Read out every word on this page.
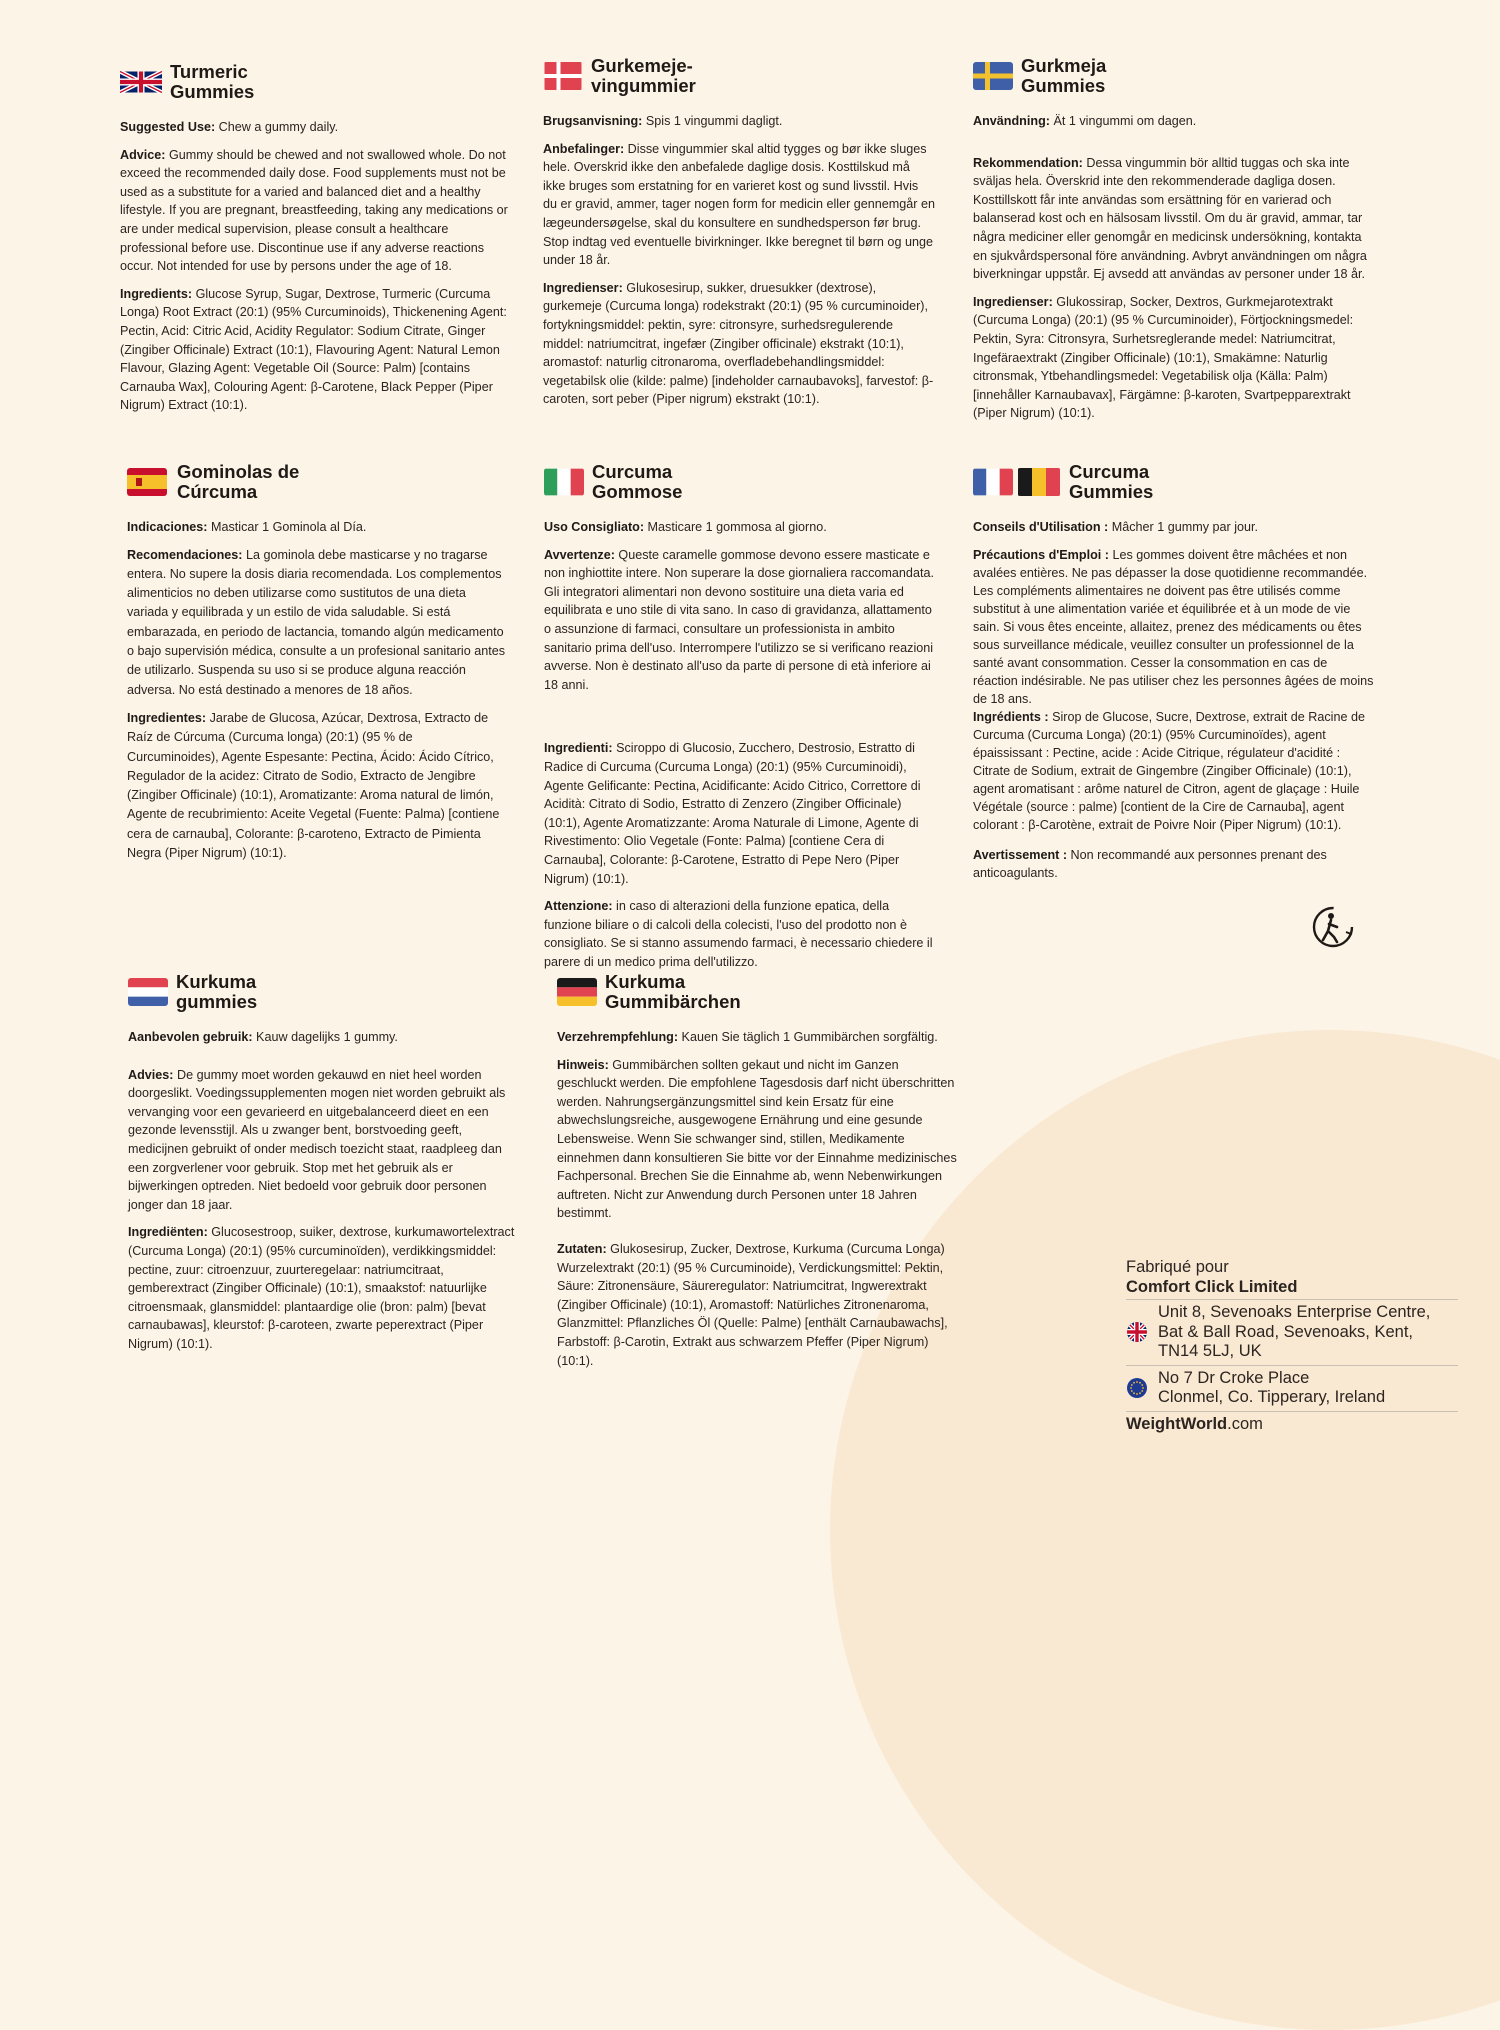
Turmeric
Gummies

Suggested Use: Chew a gummy daily.

Advice: Gummy should be chewed and not swallowed whole. Do not exceed the recommended daily dose. Food supplements must not be used as a substitute for a varied and balanced diet and a healthy lifestyle. If you are pregnant, breastfeeding, taking any medications or are under medical supervision, please consult a healthcare professional before use. Discontinue use if any adverse reactions occur. Not intended for use by persons under the age of 18.

Ingredients: Glucose Syrup, Sugar, Dextrose, Turmeric (Curcuma Longa) Root Extract (20:1) (95% Curcuminoids), Thickenening Agent: Pectin, Acid: Citric Acid, Acidity Regulator: Sodium Citrate, Ginger (Zingiber Officinale) Extract (10:1), Flavouring Agent: Natural Lemon Flavour, Glazing Agent: Vegetable Oil (Source: Palm) [contains Carnauba Wax], Colouring Agent: β-Carotene, Black Pepper (Piper Nigrum) Extract (10:1).

Gurkemeje-
vingummier

Brugsanvisning: Spis 1 vingummi dagligt.

Anbefalinger: Disse vingummier skal altid tygges og bør ikke sluges hele. Overskrid ikke den anbefalede daglige dosis. Kosttilskud må ikke bruges som erstatning for en varieret kost og sund livsstil. Hvis du er gravid, ammer, tager nogen form for medicin eller gennemgår en lægeundersøgelse, skal du konsultere en sundhedsperson før brug. Stop indtag ved eventuelle bivirkninger. Ikke beregnet til børn og unge under 18 år.

Ingredienser: Glukosesirup, sukker, druesukker (dextrose), gurkemeje (Curcuma longa) rodekstrakt (20:1) (95 % curcuminoider), fortykningsmiddel: pektin, syre: citronsyre, surhedsregulerende middel: natriumcitrat, ingefær (Zingiber officinale) ekstrakt (10:1), aromastof: naturlig citronaroma, overfladebehandlingsmiddel: vegetabilsk olie (kilde: palme) [indeholder carnaubavoks], farvestof: β-caroten, sort peber (Piper nigrum) ekstrakt (10:1).

Gurkmeja
Gummies

Användning: Ät 1 vingummi om dagen.

Rekommendation: Dessa vingummin bör alltid tuggas och ska inte sväljas hela. Överskrid inte den rekommenderade dagliga dosen. Kosttillskott får inte användas som ersättning för en varierad och balanserad kost och en hälsosam livsstil. Om du är gravid, ammar, tar några mediciner eller genomgår en medicinsk undersökning, kontakta en sjukvårdspersonal före användning. Avbryt användningen om några biverkningar uppstår. Ej avsedd att användas av personer under 18 år.

Ingredienser: Glukossirap, Socker, Dextros, Gurkmejarotextrakt (Curcuma Longa) (20:1) (95 % Curcuminoider), Förtjockningsmedel: Pektin, Syra: Citronsyra, Surhetsreglerande medel: Natriumcitrat, Ingefäraextrakt (Zingiber Officinale) (10:1), Smakämne: Naturlig citronsmak, Ytbehandlingsmedel: Vegetabilisk olja (Källa: Palm) [innehåller Karnaubavax], Färgämne: β-karoten, Svartpepparextrakt (Piper Nigrum) (10:1).

Gominolas de
Cúrcuma

Indicaciones: Masticar 1 Gominola al Día.

Recomendaciones: La gominola debe masticarse y no tragarse entera. No supere la dosis diaria recomendada. Los complementos alimenticios no deben utilizarse como sustitutos de una dieta variada y equilibrada y un estilo de vida saludable. Si está embarazada, en periodo de lactancia, tomando algún medicamento o bajo supervisión médica, consulte a un profesional sanitario antes de utilizarlo. Suspenda su uso si se produce alguna reacción adversa. No está destinado a menores de 18 años.

Ingredientes: Jarabe de Glucosa, Azúcar, Dextrosa, Extracto de Raíz de Cúrcuma (Curcuma longa) (20:1) (95 % de Curcuminoides), Agente Espesante: Pectina, Ácido: Ácido Cítrico, Regulador de la acidez: Citrato de Sodio, Extracto de Jengibre (Zingiber Officinale) (10:1), Aromatizante: Aroma natural de limón, Agente de recubrimiento: Aceite Vegetal (Fuente: Palma) [contiene cera de carnauba], Colorante: β-caroteno, Extracto de Pimienta Negra (Piper Nigrum) (10:1).

Curcuma
Gommose

Uso Consigliato: Masticare 1 gommosa al giorno.

Avvertenze: Queste caramelle gommose devono essere masticate e non inghiottite intere. Non superare la dose giornaliera raccomandata. Gli integratori alimentari non devono sostituire una dieta varia ed equilibrata e uno stile di vita sano. In caso di gravidanza, allattamento o assunzione di farmaci, consultare un professionista in ambito sanitario prima dell'uso. Interrompere l'utilizzo se si verificano reazioni avverse. Non è destinato all'uso da parte di persone di età inferiore ai 18 anni.

Ingredienti: Sciroppo di Glucosio, Zucchero, Destrosio, Estratto di Radice di Curcuma (Curcuma Longa) (20:1) (95% Curcuminoidi), Agente Gelificante: Pectina, Acidificante: Acido Citrico, Correttore di Acidità: Citrato di Sodio, Estratto di Zenzero (Zingiber Officinale) (10:1), Agente Aromatizzante: Aroma Naturale di Limone, Agente di Rivestimento: Olio Vegetale (Fonte: Palma) [contiene Cera di Carnauba], Colorante: β-Carotene, Estratto di Pepe Nero (Piper Nigrum) (10:1).

Attenzione: in caso di alterazioni della funzione epatica, della funzione biliare o di calcoli della colecisti, l'uso del prodotto non è consigliato. Se si stanno assumendo farmaci, è necessario chiedere il parere di un medico prima dell'utilizzo.

Curcuma
Gummies

Conseils d'Utilisation : Mâcher 1 gummy par jour.

Précautions d'Emploi : Les gommes doivent être mâchées et non avalées entières. Ne pas dépasser la dose quotidienne recommandée. Les compléments alimentaires ne doivent pas être utilisés comme substitut à une alimentation variée et équilibrée et à un mode de vie sain. Si vous êtes enceinte, allaitez, prenez des médicaments ou êtes sous surveillance médicale, veuillez consulter un professionnel de la santé avant consommation. Cesser la consommation en cas de réaction indésirable. Ne pas utiliser chez les personnes âgées de moins de 18 ans.

Ingrédients : Sirop de Glucose, Sucre, Dextrose, extrait de Racine de Curcuma (Curcuma Longa) (20:1) (95% Curcuminoïdes), agent épaississant : Pectine, acide : Acide Citrique, régulateur d'acidité : Citrate de Sodium, extrait de Gingembre (Zingiber Officinale) (10:1), agent aromatisant : arôme naturel de Citron, agent de glaçage : Huile Végétale (source : palme) [contient de la Cire de Carnauba], agent colorant : β-Carotène, extrait de Poivre Noir (Piper Nigrum) (10:1).

Avertissement : Non recommandé aux personnes prenant des anticoagulants.

Kurkuma
gummies

Aanbevolen gebruik: Kauw dagelijks 1 gummy.

Advies: De gummy moet worden gekauwd en niet heel worden doorgeslikt. Voedingssupplementen mogen niet worden gebruikt als vervanging voor een gevarieerd en uitgebalanceerd dieet en een gezonde levensstijl. Als u zwanger bent, borstvoeding geeft, medicijnen gebruikt of onder medisch toezicht staat, raadpleeg dan een zorgverlener voor gebruik. Stop met het gebruik als er bijwerkingen optreden. Niet bedoeld voor gebruik door personen jonger dan 18 jaar.

Ingrediënten: Glucosestroop, suiker, dextrose, kurkumawortelextract (Curcuma Longa) (20:1) (95% curcuminoïden), verdikkingsmiddel: pectine, zuur: citroenzuur, zuurteregelaar: natriumcitraat, gemberextract (Zingiber Officinale) (10:1), smaakstof: natuurlijke citroensmaak, glansmiddel: plantaardige olie (bron: palm) [bevat carnaubawas], kleurstof: β-caroteen, zwarte peperextract (Piper Nigrum) (10:1).

Kurkuma
Gummibärchen

Verzehrempfehlung: Kauen Sie täglich 1 Gummibärchen sorgfältig.

Hinweis: Gummibärchen sollten gekaut und nicht im Ganzen geschluckt werden. Die empfohlene Tagesdosis darf nicht überschritten werden. Nahrungsergänzungsmittel sind kein Ersatz für eine abwechslungsreiche, ausgewogene Ernährung und eine gesunde Lebensweise. Wenn Sie schwanger sind, stillen, Medikamente einnehmen dann konsultieren Sie bitte vor der Einnahme medizinisches Fachpersonal. Brechen Sie die Einnahme ab, wenn Nebenwirkungen auftreten. Nicht zur Anwendung durch Personen unter 18 Jahren bestimmt.

Zutaten: Glukosesirup, Zucker, Dextrose, Kurkuma (Curcuma Longa) Wurzelextrakt (20:1) (95 % Curcuminoide), Verdickungsmittel: Pektin, Säure: Zitronensäure, Säureregulator: Natriumcitrat, Ingwerextrakt (Zingiber Officinale) (10:1), Aromastoff: Natürliches Zitronenaroma, Glanzmittel: Pflanzliches Öl (Quelle: Palme) [enthält Carnaubawachs], Farbstoff: β-Carotin, Extrakt aus schwarzem Pfeffer (Piper Nigrum) (10:1).

Fabriqué pour
Comfort Click Limited
Unit 8, Sevenoaks Enterprise Centre,
Bat & Ball Road, Sevenoaks, Kent,
TN14 5LJ, UK
No 7 Dr Croke Place
Clonmel, Co. Tipperary, Ireland
WeightWorld.com
